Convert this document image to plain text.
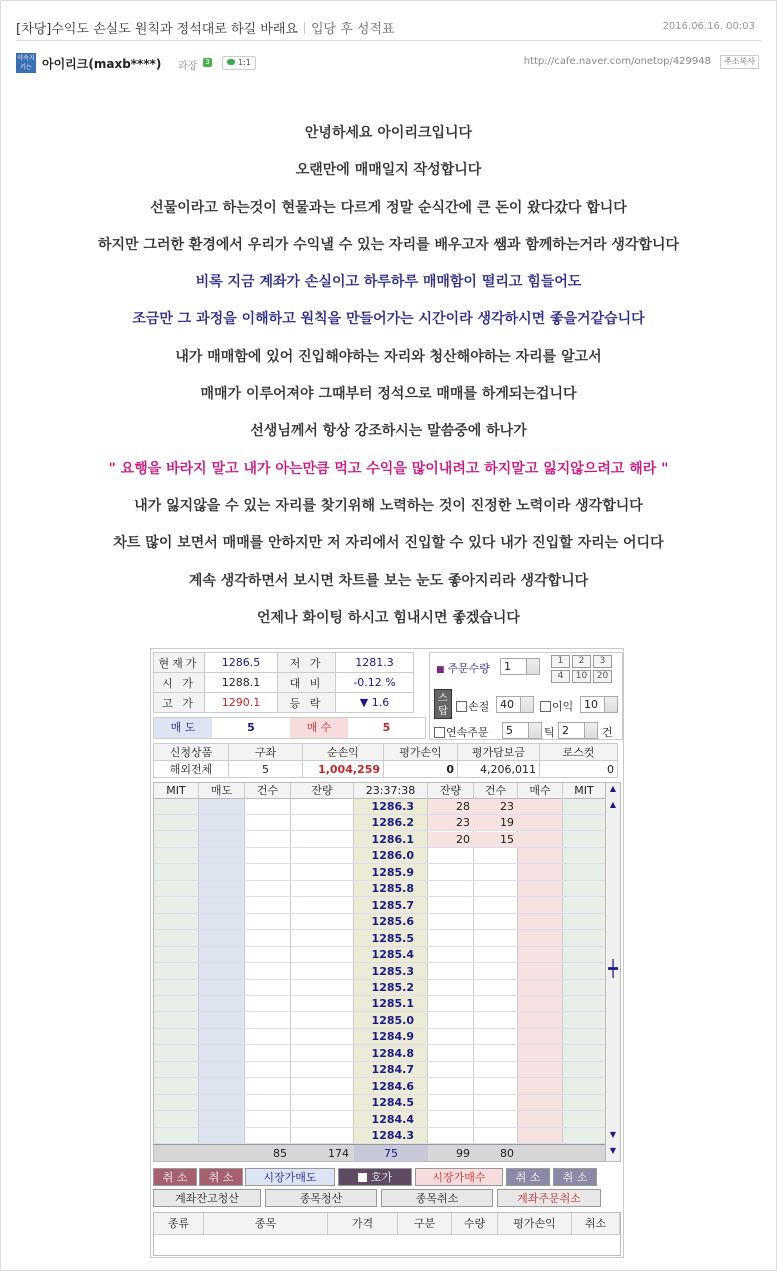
[차당]수익도 손실도 원칙과 정석대로 하길 바래요 입당 후 성적표	2016.06.16. 00:03
약속지키는 아이리크(maxb****) 과장	3	1:1	http://cafe.naver.com/onetop/429948	주소복사

안녕하세요 아이리크입니다

오랜만에 매매일지 작성합니다

선물이라고 하는것이 현물과는 다르게 정말 순식간에 큰 돈이 왔다갔다 합니다

하지만 그러한 환경에서 우리가 수익낼 수 있는 자리를 배우고자 쌤과 함께하는거라 생각합니다

비록 지금 계좌가 손실이고 하루하루 매매함이 떨리고 힘들어도

조금만 그 과정을 이해하고 원칙을 만들어가는 시간이라 생각하시면 좋을거같습니다

내가 매매함에 있어 진입해야하는 자리와 청산해야하는 자리를 알고서

매매가 이루어져야 그때부터 정석으로 매매를 하게되는겁니다

선생님께서 항상 강조하시는 말씀중에 하나가

" 요행을 바라지 말고 내가 아는만큼 먹고 수익을 많이내려고 하지말고 잃지않으려고 해라 "

내가 잃지않을 수 있는 자리를 찾기위해 노력하는 것이 진정한 노력이라 생각합니다

차트 많이 보면서 매매를 안하지만 저 자리에서 진입할 수 있다 내가 진입할 자리는 어디다

계속 생각하면서 보시면 차트를 보는 눈도 좋아지리라 생각합니다

언제나 화이팅 하시고 힘내시면 좋겠습니다

현재가	1286.5	저 가	1281.3
시 가	1288.1	대 비	-0.12 %
고 가	1290.1	등 락	▼ 1.6
매 도	5	매 수	5
■ 주문수량	1	1	2	3
4	10	20
스탑	손절 40	이익 10
연속주문	5	틱 2	건
신청상품	구좌	순손익	평가손익	평가담보금	로스컷
해외전체	5	1,004,259	0	4,206,011	0
MIT	매도	건수	잔량	23:37:38	잔량	건수	매수	MIT
1286.3	28	23
1286.2	23	19
1286.1	20	15
1286.0
1285.9
1285.8
1285.7
1285.6
1285.5
1285.4
1285.3
1285.2
1285.1
1285.0
1284.9
1284.8
1284.7
1284.6
1284.5
1284.4
1284.3
85	174	75	99	80
▲
▲
┿
▼
▼
취 소	취 소	시장가매도	호가	시장가매수	취 소	취 소
계좌잔고청산	종목청산	종목취소	계좌주문취소
종류	종목	가격	구분	수량	평가손익	취소
